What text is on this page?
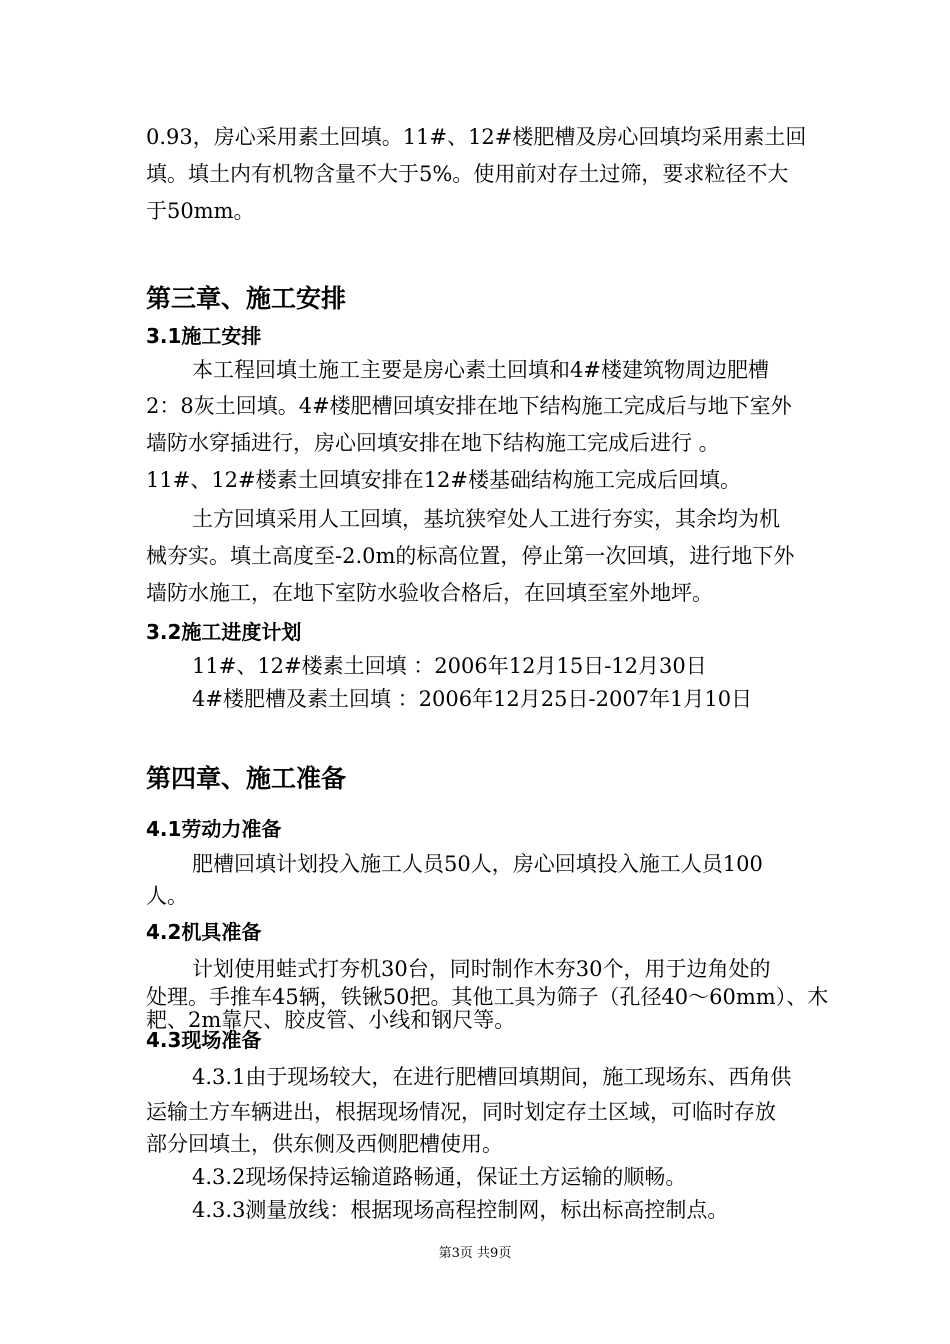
0.93，房心采用素土回填。11#、12#楼肥槽及房心回填均采用素土回
填。填土内有机物含量不大于5%。使用前对存土过筛，要求粒径不大
于50mm。
第三章、施工安排
3.1施工安排
本工程回填土施工主要是房心素土回填和4#楼建筑物周边肥槽
2：8灰土回填。4#楼肥槽回填安排在地下结构施工完成后与地下室外
墙防水穿插进行，房心回填安排在地下结构施工完成后进行 。
11#、12#楼素土回填安排在12#楼基础结构施工完成后回填。
土方回填采用人工回填，基坑狭窄处人工进行夯实，其余均为机
械夯实。填土高度至-2.0m的标高位置，停止第一次回填，进行地下外
墙防水施工，在地下室防水验收合格后，在回填至室外地坪。
3.2施工进度计划
11#、12#楼素土回填 ：2006年12月15日-12月30日
4#楼肥槽及素土回填 ：2006年12月25日-2007年1月10日
第四章、施工准备
4.1劳动力准备
肥槽回填计划投入施工人员50人，房心回填投入施工人员100
人。
4.2机具准备
计划使用蛙式打夯机30台，同时制作木夯30个，用于边角处的
处理。手推车45辆，铁锹50把。其他工具为筛子（孔径40～60mm）、木
耙、2m靠尺、胶皮管、小线和钢尺等。
4.3现场准备
4.3.1由于现场较大，在进行肥槽回填期间，施工现场东、西角供
运输土方车辆进出，根据现场情况，同时划定存土区域，可临时存放
部分回填土，供东侧及西侧肥槽使用。
4.3.2现场保持运输道路畅通，保证土方运输的顺畅。
4.3.3测量放线：根据现场高程控制网，标出标高控制点。
第3页 共9页
